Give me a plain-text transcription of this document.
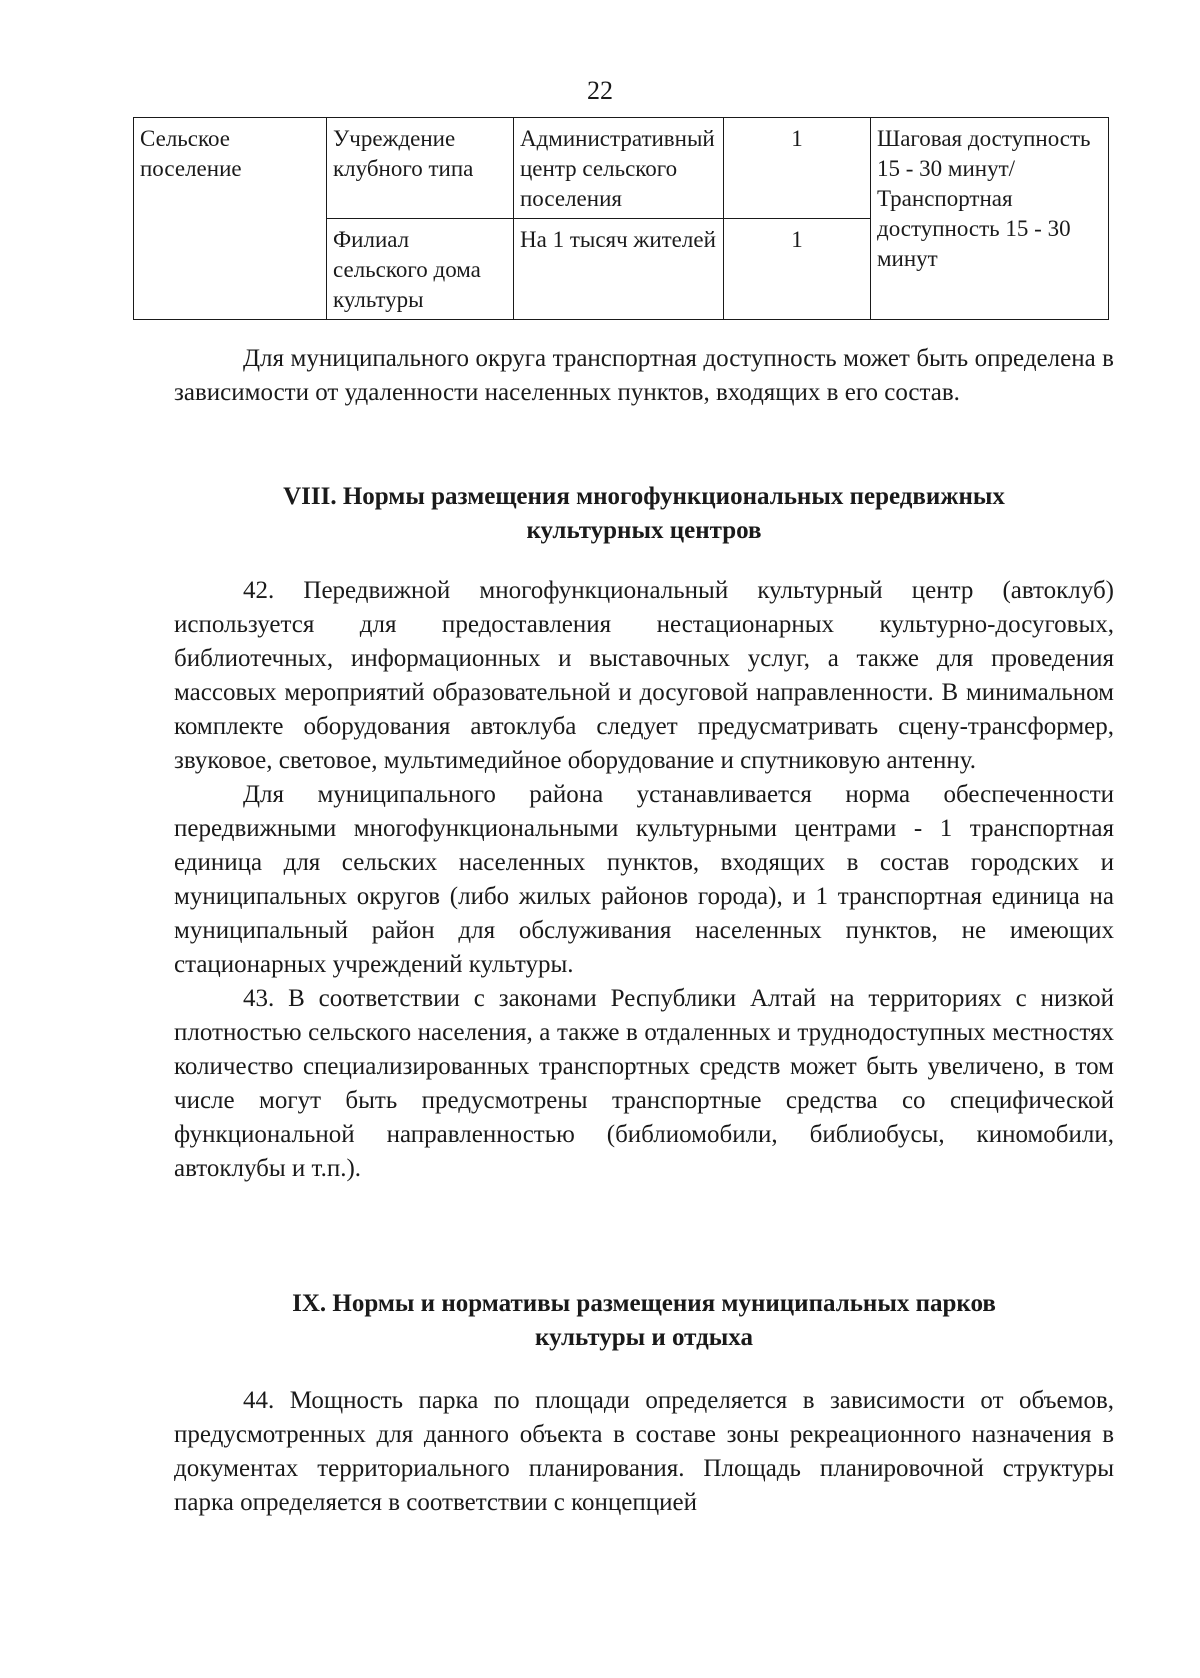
22
Сельское поселение	Учреждение клубного типа	Административный центр сельского поселения	1	Шаговая доступность 15 - 30 минут/Транспортная доступность 15 - 30 минут
	Филиал сельского дома культуры	На 1 тысяч жителей	1	

Для муниципального округа транспортная доступность может быть определена в зависимости от удаленности населенных пунктов, входящих в его состав.

VIII. Нормы размещения многофункциональных передвижных
культурных центров

42. Передвижной многофункциональный культурный центр (автоклуб) используется для предоставления нестационарных культурно-досуговых, библиотечных, информационных и выставочных услуг, а также для проведения массовых мероприятий образовательной и досуговой направленности. В минимальном комплекте оборудования автоклуба следует предусматривать сцену-трансформер, звуковое, световое, мультимедийное оборудование и спутниковую антенну.

Для муниципального района устанавливается норма обеспеченности передвижными многофункциональными культурными центрами - 1 транспортная единица для сельских населенных пунктов, входящих в состав городских и муниципальных округов (либо жилых районов города), и 1 транспортная единица на муниципальный район для обслуживания населенных пунктов, не имеющих стационарных учреждений культуры.

43. В соответствии с законами Республики Алтай на территориях с низкой плотностью сельского населения, а также в отдаленных и труднодоступных местностях количество специализированных транспортных средств может быть увеличено, в том числе могут быть предусмотрены транспортные средства со специфической функциональной направленностью (библиомобили, библиобусы, киномобили, автоклубы и т.п.).

IX. Нормы и нормативы размещения муниципальных парков
культуры и отдыха

44. Мощность парка по площади определяется в зависимости от объемов, предусмотренных для данного объекта в составе зоны рекреационного назначения в документах территориального планирования. Площадь планировочной структуры парка определяется в соответствии с концепцией
